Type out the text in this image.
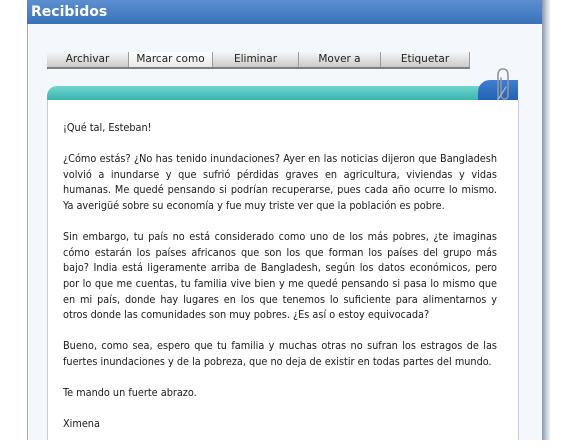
Recibidos
Archivar	Marcar como	Eliminar	Mover a	Etiquetar

¡Qué tal, Esteban!

¿Cómo estás? ¿No has tenido inundaciones? Ayer en las noticias dijeron que Bangladesh volvió a inundarse y que sufrió pérdidas graves en agricultura, viviendas y vidas humanas. Me quedé pensando si podrían recuperarse, pues cada año ocurre lo mismo. Ya averigüé sobre su economía y fue muy triste ver que la población es pobre.

Sin embargo, tu país no está considerado como uno de los más pobres, ¿te imaginas cómo estarán los países africanos que son los que forman los países del grupo más bajo? India está ligeramente arriba de Bangladesh, según los datos económicos, pero por lo que me cuentas, tu familia vive bien y me quedé pensando si pasa lo mismo que en mi país, donde hay lugares en los que tenemos lo suficiente para alimentarnos y otros donde las comunidades son muy pobres. ¿Es así o estoy equivocada?

Bueno, como sea, espero que tu familia y muchas otras no sufran los estragos de las fuertes inundaciones y de la pobreza, que no deja de existir en todas partes del mundo.

Te mando un fuerte abrazo.

Ximena
